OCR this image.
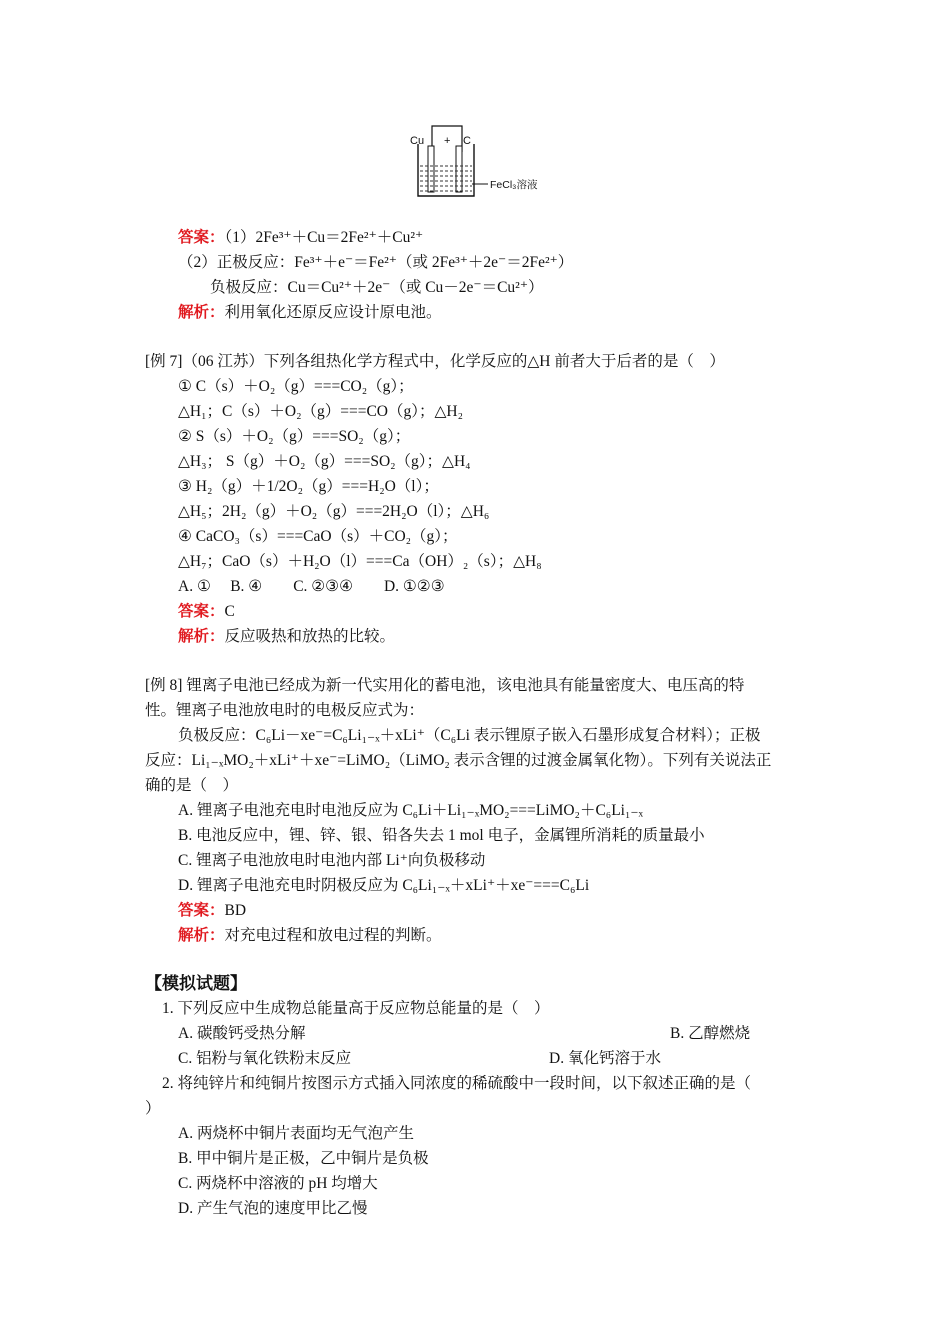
Cu + C
FeCl₃溶液
答案：（1）2Fe³⁺＋Cu＝2Fe²⁺＋Cu²⁺
（2）正极反应：Fe³⁺＋e⁻＝Fe²⁺（或 2Fe³⁺＋2e⁻＝2Fe²⁺）
负极反应：Cu＝Cu²⁺＋2e⁻（或 Cu－2e⁻＝Cu²⁺）
解析：利用氧化还原反应设计原电池。
[例 7]（06 江苏）下列各组热化学方程式中，化学反应的△H 前者大于后者的是（　）
① C（s）＋O₂（g）===CO₂（g）；
△H₁；C（s）＋O₂（g）===CO（g）；△H₂
② S（s）＋O₂（g）===SO₂（g）；
△H₃； S（g）＋O₂（g）===SO₂（g）；△H₄
③ H₂（g）＋1/2O₂（g）===H₂O（l）；
△H₅；2H₂（g）＋O₂（g）===2H₂O（l）；△H₆
④ CaCO₃（s）===CaO（s）＋CO₂（g）；
△H₇；CaO（s）＋H₂O（l）===Ca（OH）₂（s）；△H₈
A. ①　 B. ④　　C. ②③④　　D. ①②③
答案：C
解析：反应吸热和放热的比较。
[例 8] 锂离子电池已经成为新一代实用化的蓄电池，该电池具有能量密度大、电压高的特
性。锂离子电池放电时的电极反应式为：
负极反应：C₆Li－xe⁻=C₆Li₁₋ₓ＋xLi⁺（C₆Li 表示锂原子嵌入石墨形成复合材料）；正极
反应：Li₁₋ₓMO₂＋xLi⁺＋xe⁻=LiMO₂（LiMO₂ 表示含锂的过渡金属氧化物）。下列有关说法正
确的是（　）
A. 锂离子电池充电时电池反应为 C₆Li＋Li₁₋ₓMO₂===LiMO₂＋C₆Li₁₋ₓ
B. 电池反应中，锂、锌、银、铅各失去 1 mol 电子，金属锂所消耗的质量最小
C. 锂离子电池放电时电池内部 Li⁺向负极移动
D. 锂离子电池充电时阴极反应为 C₆Li₁₋ₓ＋xLi⁺＋xe⁻===C₆Li
答案：BD
解析：对充电过程和放电过程的判断。
【模拟试题】
1. 下列反应中生成物总能量高于反应物总能量的是（　）
A. 碳酸钙受热分解	B. 乙醇燃烧
C. 铝粉与氧化铁粉末反应	D. 氧化钙溶于水
2. 将纯锌片和纯铜片按图示方式插入同浓度的稀硫酸中一段时间，以下叙述正确的是（
）
A. 两烧杯中铜片表面均无气泡产生
B. 甲中铜片是正极，乙中铜片是负极
C. 两烧杯中溶液的 pH 均增大
D. 产生气泡的速度甲比乙慢
